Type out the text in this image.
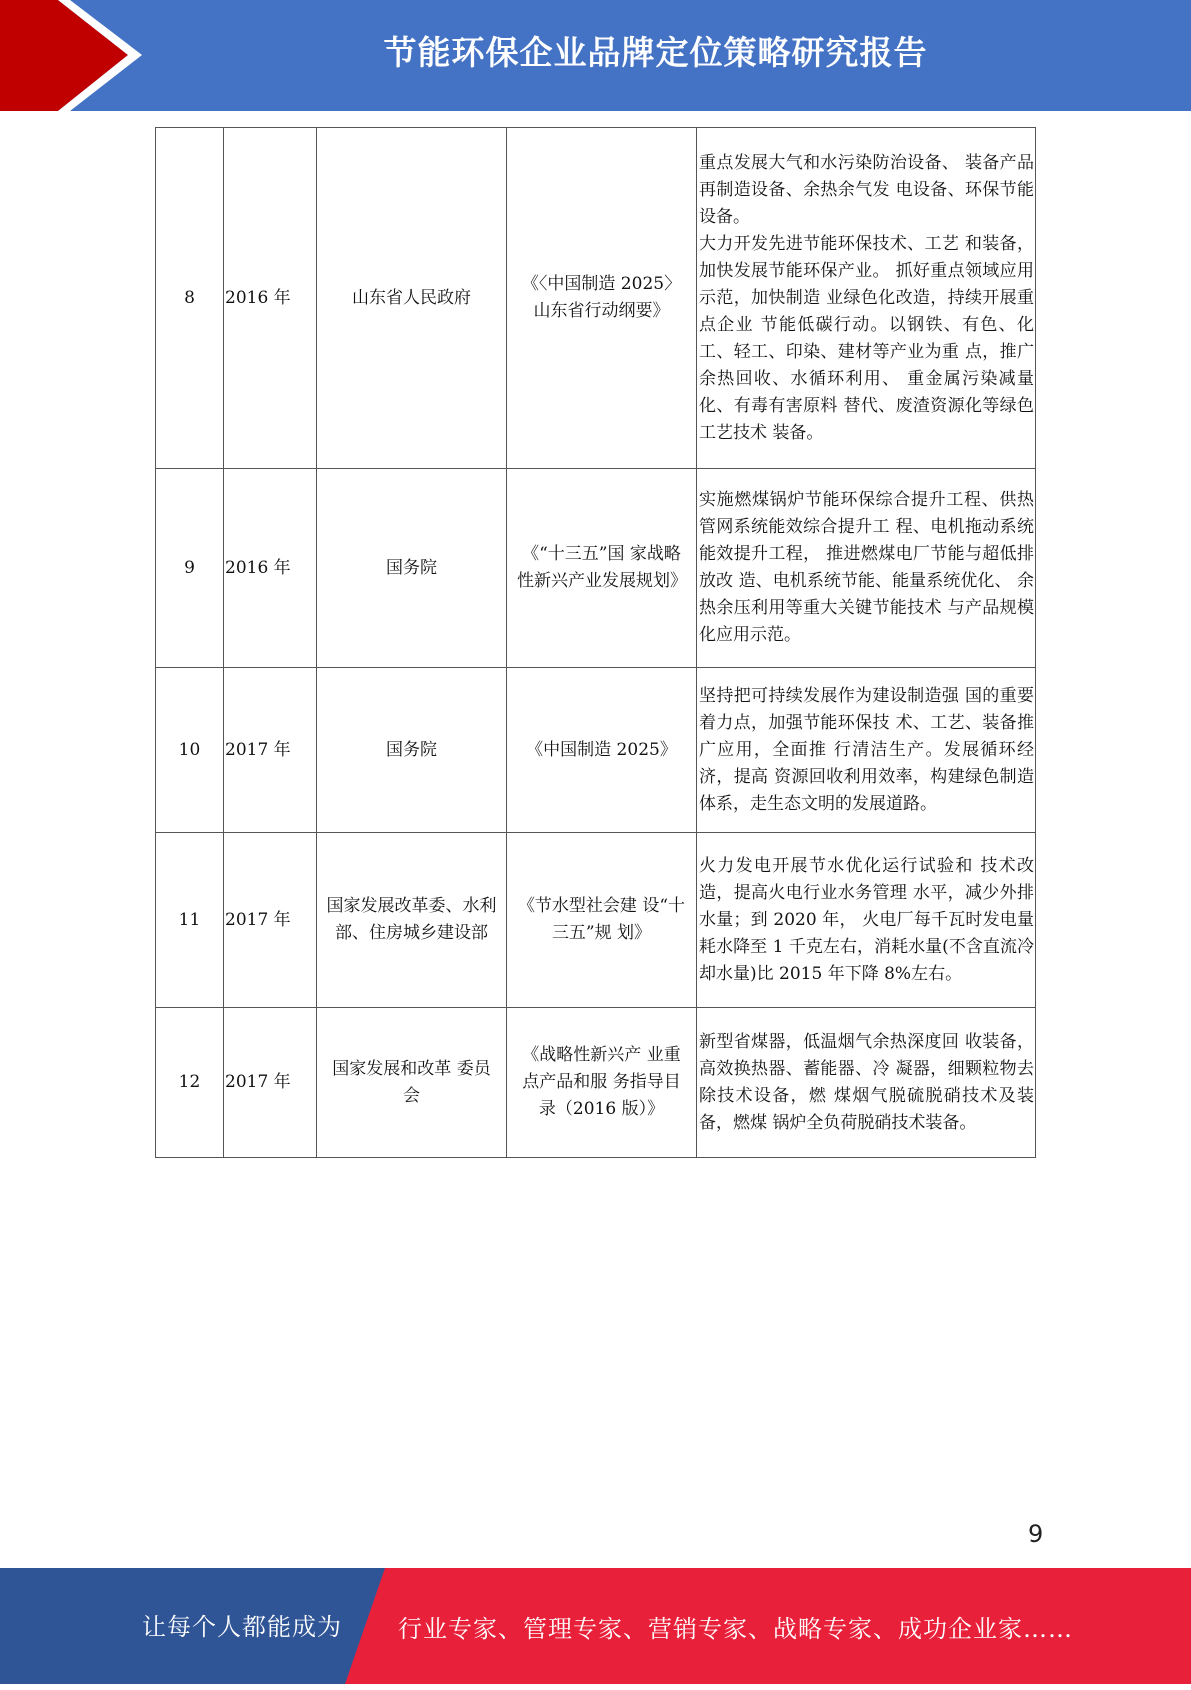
节能环保企业品牌定位策略研究报告
8	2016 年	山东省人民政府	《〈中国制造 2025〉山东省行动纲要》	重点发展大气和水污染防治设备、 装备产品再制造设备、余热余气发 电设备、环保节能设备。

大力开发先进节能环保技术、工艺 和装备，加快发展节能环保产业。 抓好重点领域应用示范，加快制造 业绿色化改造，持续开展重点企业 节能低碳行动。以钢铁、有色、化 工、轻工、印染、建材等产业为重 点，推广余热回收、水循环利用、 重金属污染减量化、有毒有害原料 替代、废渣资源化等绿色工艺技术 装备。

9	2016 年	国务院	《“十三五”国 家战略性新兴产业发展规划》	实施燃煤锅炉节能环保综合提升工程、供热管网系统能效综合提升工 程、电机拖动系统能效提升工程， 推进燃煤电厂节能与超低排放改 造、电机系统节能、能量系统优化、 余热余压利用等重大关键节能技术 与产品规模化应用示范。

10	2017 年	国务院	《中国制造 2025》	坚持把可持续发展作为建设制造强 国的重要着力点，加强节能环保技 术、工艺、装备推广应用，全面推 行清洁生产。发展循环经济，提高 资源回收利用效率，构建绿色制造 体系，走生态文明的发展道路。

11	2017 年	国家发展改革委、水利部、住房城乡建设部	《节水型社会建 设“十三五”规 划》	火力发电开展节水优化运行试验和 技术改造，提高火电行业水务管理 水平，减少外排水量；到 2020 年， 火电厂每千瓦时发电量耗水降至 1 千克左右，消耗水量(不含直流冷 却水量)比 2015 年下降 8%左右。

12	2017 年	国家发展和改革 委员会	《战略性新兴产 业重点产品和服 务指导目录（2016 版）》	新型省煤器，低温烟气余热深度回 收装备，高效换热器、蓄能器、冷 凝器，细颗粒物去除技术设备，燃 煤烟气脱硫脱硝技术及装备，燃煤 锅炉全负荷脱硝技术装备。

9
让每个人都能成为 行业专家、管理专家、营销专家、战略专家、成功企业家……
